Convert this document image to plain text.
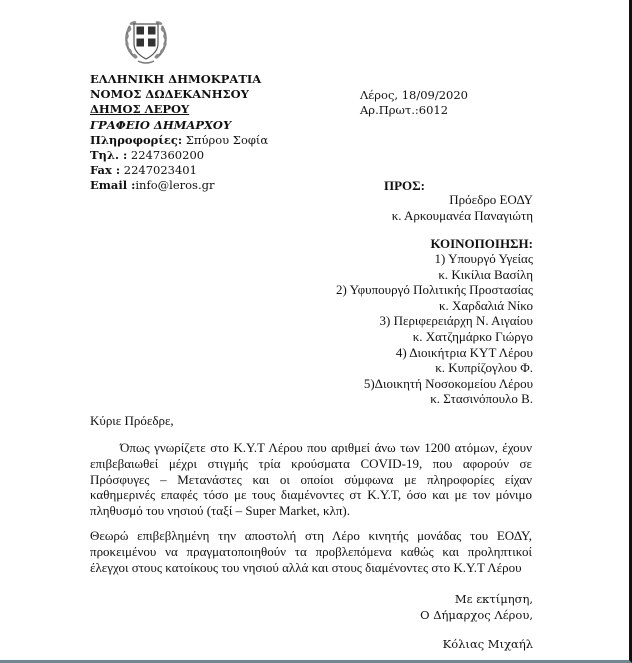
ΕΛΛΗΝΙΚΗ ΔΗΜΟΚΡΑΤΙΑ
ΝΟΜΟΣ ΔΩΔΕΚΑΝΗΣΟΥ
ΔΗΜΟΣ ΛΕΡΟΥ
ΓΡΑΦΕΙΟ ΔΗΜΑΡΧΟΥ
Πληροφορίες: Σπύρου Σοφία
Τηλ. : 2247360200
Fax : 2247023401
Email :info@leros.gr
Λέρος, 18/09/2020
Αρ.Πρωτ.:6012
ΠΡΟΣ:
Πρόεδρο ΕΟΔΥ
κ. Αρκουμανέα Παναγιώτη
ΚΟΙΝΟΠΟΙΗΣΗ:
1) Υπουργό Υγείας
κ. Κικίλια Βασίλη
2) Υφυπουργό Πολιτικής Προστασίας
κ. Χαρδαλιά Νίκο
3) Περιφερειάρχη Ν. Αιγαίου
κ. Χατζημάρκο Γιώργο
4) Διοικήτρια ΚΥΤ Λέρου
κ. Κυπρίζογλου Φ.
5)Διοικητή Νοσοκομείου Λέρου
κ. Στασινόπουλο Β.
Κύριε Πρόεδρε,
Όπως γνωρίζετε στο Κ.Υ.Τ Λέρου που αριθμεί άνω των 1200 ατόμων, έχουν επιβεβαιωθεί μέχρι στιγμής τρία κρούσματα COVID-19, που αφορούν σε Πρόσφυγες – Μετανάστες και οι οποίοι σύμφωνα με πληροφορίες είχαν καθημερινές επαφές τόσο με τους διαμένοντες στ Κ.Υ.Τ, όσο και με τον μόνιμο πληθυσμό του νησιού (ταξί – Super Market, κλπ).
Θεωρώ επιβεβλημένη την αποστολή στη Λέρο κινητής μονάδας του ΕΟΔΥ, προκειμένου να πραγματοποιηθούν τα προβλεπόμενα καθώς και προληπτικοί έλεγχοι στους κατοίκους του νησιού αλλά και στους διαμένοντες στο Κ.Υ.Τ Λέρου
Με εκτίμηση,
Ο Δήμαρχος Λέρου,
Κόλιας Μιχαήλ
